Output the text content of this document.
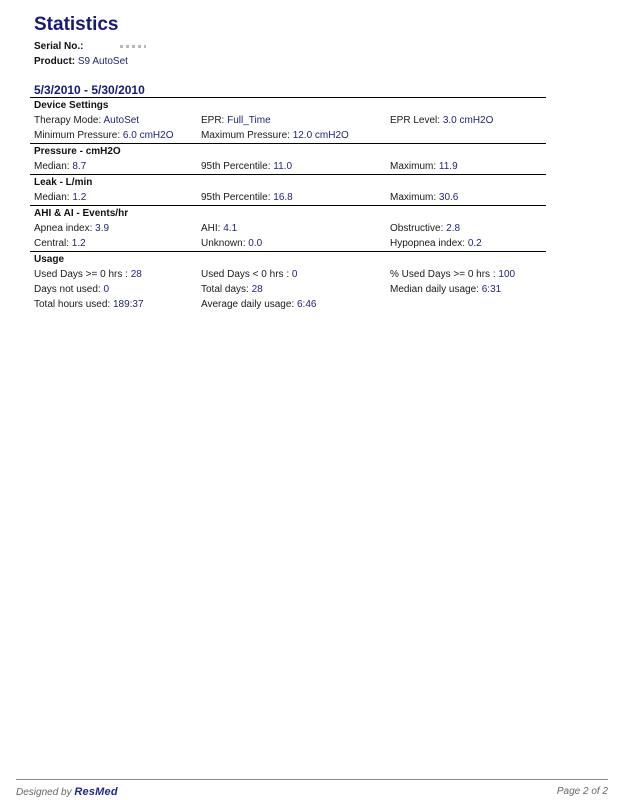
Statistics
Serial No.:
Product: S9 AutoSet
5/3/2010 - 5/30/2010
Device Settings
Therapy Mode: AutoSet	EPR: Full_Time	EPR Level: 3.0 cmH2O
Minimum Pressure: 6.0 cmH2O	Maximum Pressure: 12.0 cmH2O
Pressure - cmH2O
Median: 8.7	95th Percentile: 11.0	Maximum: 11.9
Leak - L/min
Median: 1.2	95th Percentile: 16.8	Maximum: 30.6
AHI & AI - Events/hr
Apnea index: 3.9	AHI: 4.1	Obstructive: 2.8
Central: 1.2	Unknown: 0.0	Hypopnea index: 0.2
Usage
Used Days >= 0 hrs : 28	Used Days < 0 hrs : 0	% Used Days >= 0 hrs : 100
Days not used: 0	Total days: 28	Median daily usage: 6:31
Total hours used: 189:37	Average daily usage: 6:46
Designed by ResMed	Page 2 of 2
